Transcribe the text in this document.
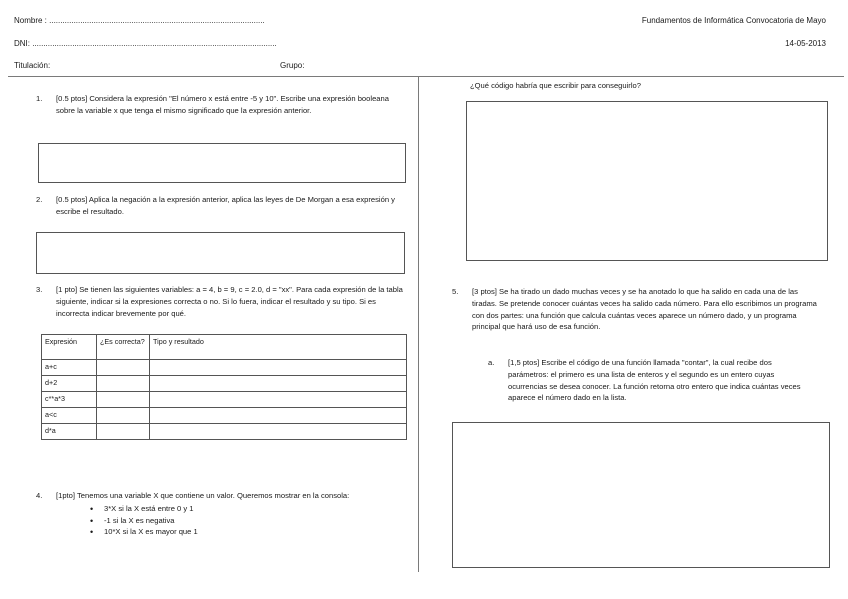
Nombre : .................................................................................................
DNI: ..............................................................................................................
Titulación:	Grupo:
Fundamentos de Informática Convocatoria de Mayo
14-05-2013
1. [0.5 ptos] Considera la expresión "El número x está entre -5 y 10". Escribe una expresión booleana sobre la variable x que tenga el mismo significado que la expresión anterior.
2. [0.5 ptos] Aplica la negación a la expresión anterior, aplica las leyes de De Morgan a esa expresión y escribe el resultado.
3. [1 pto] Se tienen las siguientes variables: a = 4, b = 9, c = 2.0, d = "xx". Para cada expresión de la tabla siguiente, indicar si la expresiones correcta o no. Si lo fuera, indicar el resultado y su tipo. Si es incorrecta indicar brevemente por qué.
Expresión	¿Es correcta?	Tipo y resultado
a+c		
d+2		
c**a*3		
a<c		
d*a		
4. [1pto] Tenemos una variable X que contiene un valor. Queremos mostrar en la consola:
• 3*X si la X está entre 0 y 1
• -1 si la X es negativa
• 10*X si la X es mayor que 1
¿Qué código habría que escribir para conseguirlo?
5. [3 ptos] Se ha tirado un dado muchas veces y se ha anotado lo que ha salido en cada una de las tiradas. Se pretende conocer cuántas veces ha salido cada número. Para ello escribimos un programa con dos partes: una función que calcula cuántas veces aparece un número dado, y un programa principal que hará uso de esa función.
a. [1,5 ptos] Escribe el código de una función llamada "contar", la cual recibe dos parámetros: el primero es una lista de enteros y el segundo es un entero cuyas ocurrencias se desea conocer. La función retorna otro entero que indica cuántas veces aparece el número dado en la lista.
